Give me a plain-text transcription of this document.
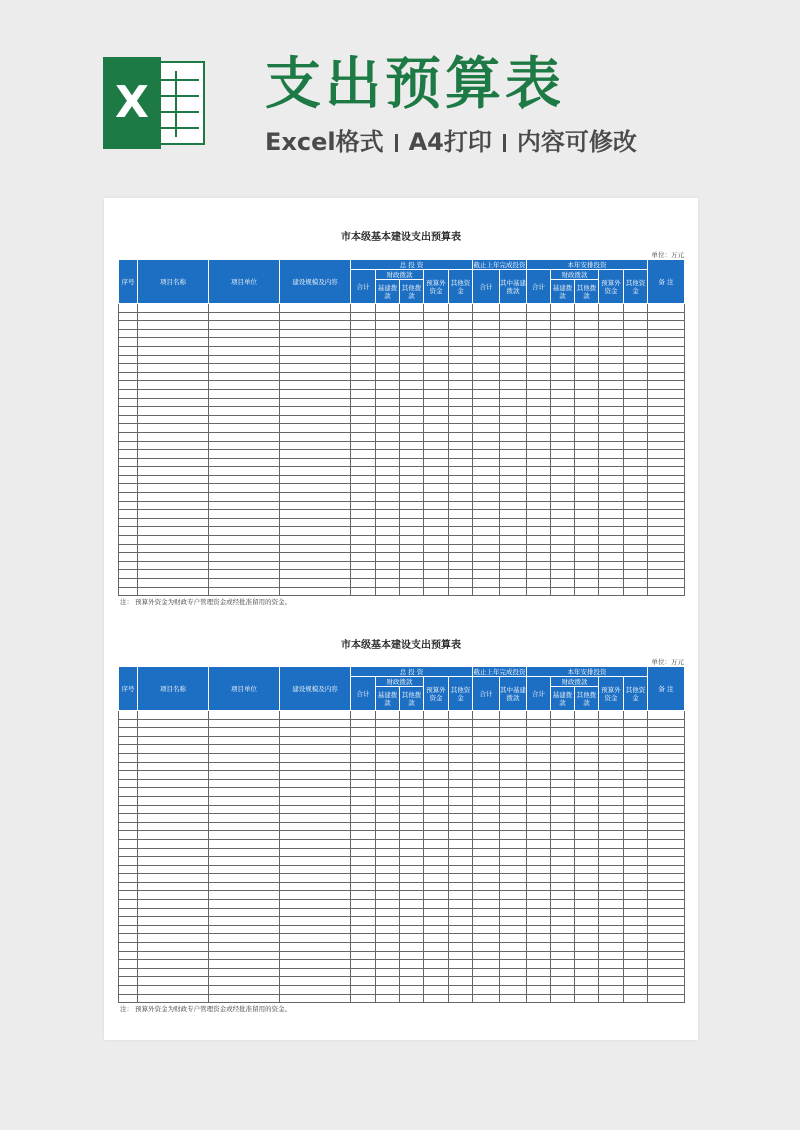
X 支出预算表
Excel格式 A4打印 内容可修改
市本级基本建设支出预算表
单位：万元
序号	项目名称	项目单位	建设规模及内容	总 投 资					截止上年完成投资		本年安排投资					备 注
				合计	财政拨款		预算外资金	其他资金	合计	其中基建拨款	合计	财政拨款		预算外资金	其他资金	
					基建拨款	其他拨款						基建拨款	其他拨款			

注： 预算外资金为财政专户管理资金或经批准留用的资金。
市本级基本建设支出预算表
单位：万元
序号	项目名称	项目单位	建设规模及内容	总 投 资					截止上年完成投资		本年安排投资					备 注
				合计	财政拨款		预算外资金	其他资金	合计	其中基建拨款	合计	财政拨款		预算外资金	其他资金	
					基建拨款	其他拨款						基建拨款	其他拨款			

注： 预算外资金为财政专户管理资金或经批准留用的资金。
